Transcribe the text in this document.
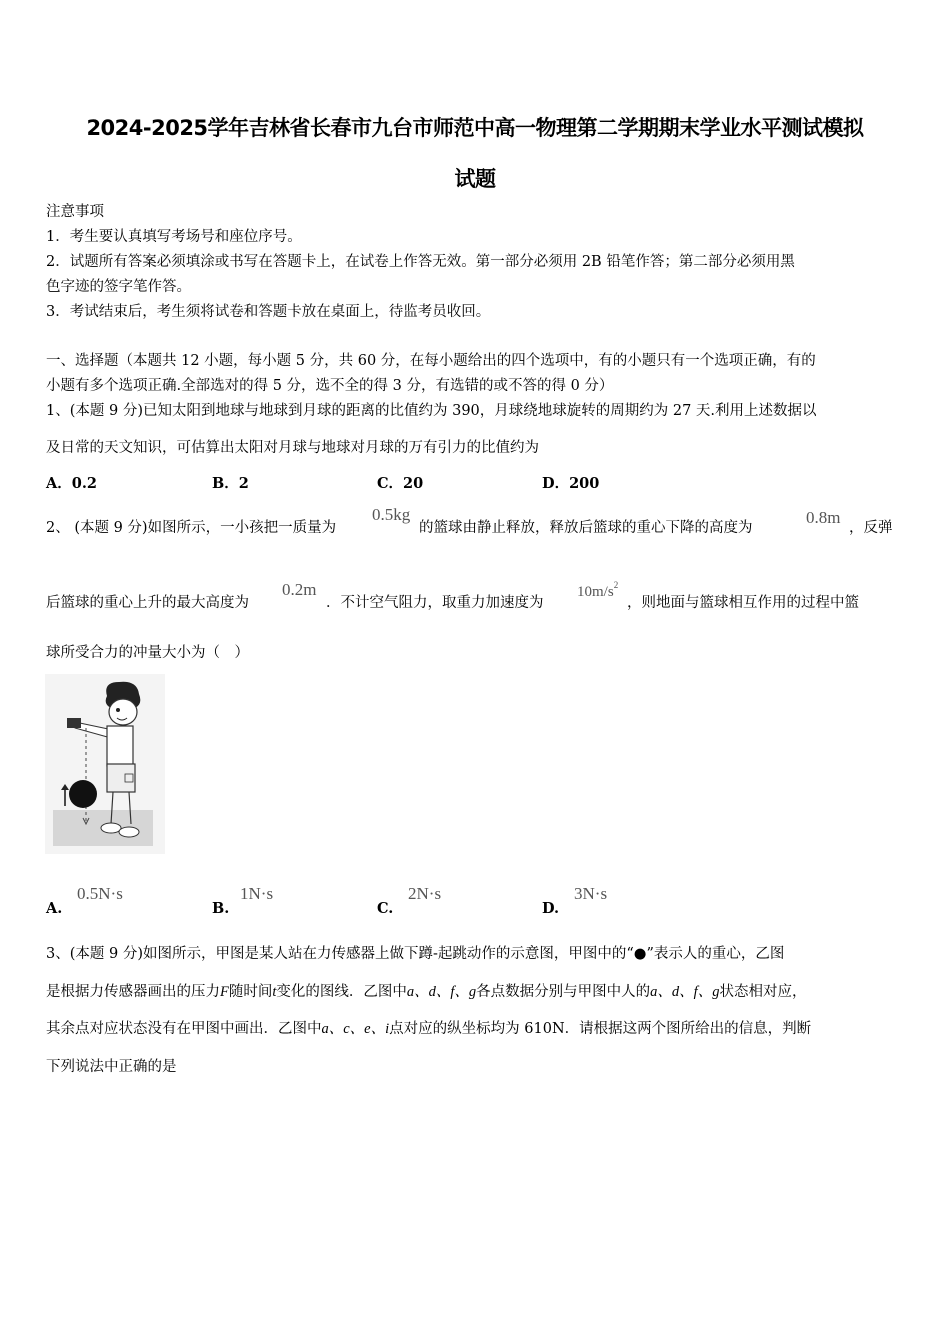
2024-2025学年吉林省长春市九台市师范中高一物理第二学期期末学业水平测试模拟
试题
注意事项
1．考生要认真填写考场号和座位序号。
2．试题所有答案必须填涂或书写在答题卡上，在试卷上作答无效。第一部分必须用 2B 铅笔作答；第二部分必须用黑
色字迹的签字笔作答。
3．考试结束后，考生须将试卷和答题卡放在桌面上，待监考员收回。
一、选择题（本题共 12 小题，每小题 5 分，共 60 分，在每小题给出的四个选项中，有的小题只有一个选项正确，有的
小题有多个选项正确.全部选对的得 5 分，选不全的得 3 分，有选错的或不答的得 0 分）
1、(本题 9 分)已知太阳到地球与地球到月球的距离的比值约为 390，月球绕地球旋转的周期约为 27 天.利用上述数据以
及日常的天文知识，可估算出太阳对月球与地球对月球的万有引力的比值约为
A．0.2	B．2	C．20	D．200
2、 (本题 9 分)如图所示，一小孩把一质量为
0.5kg
的篮球由静止释放，释放后篮球的重心下降的高度为
0.8m
，反弹
后篮球的重心上升的最大高度为
0.2m
．不计空气阻力，取重力加速度为
$10m/s^2$
，则地面与篮球相互作用的过程中篮
球所受合力的冲量大小为（　）
A.
0.5N·s
B.
1N·s
C.
2N·s
D.
3N·s
3、(本题 9 分)如图所示，甲图是某人站在力传感器上做下蹲-起跳动作的示意图，甲图中的“●”表示人的重心，乙图
是根据力传感器画出的压力F随时间t变化的图线．乙图中a、d、f、g各点数据分别与甲图中人的a、d、f、g状态相对应，
其余点对应状态没有在甲图中画出．乙图中a、c、e、i点对应的纵坐标均为 610N．请根据这两个图所给出的信息，判断
下列说法中正确的是
